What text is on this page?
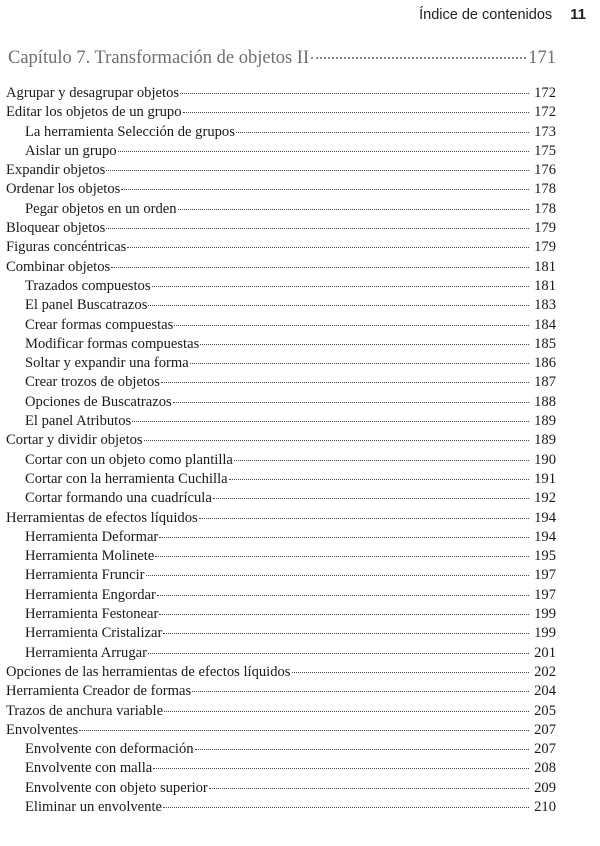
Índice de contenidos 11
Capítulo 7. Transformación de objetos II	171
Agrupar y desagrupar objetos	172
Editar los objetos de un grupo	172
La herramienta Selección de grupos	173
Aislar un grupo	175
Expandir objetos	176
Ordenar los objetos	178
Pegar objetos en un orden	178
Bloquear objetos	179
Figuras concéntricas	179
Combinar objetos	181
Trazados compuestos	181
El panel Buscatrazos	183
Crear formas compuestas	184
Modificar formas compuestas	185
Soltar y expandir una forma	186
Crear trozos de objetos	187
Opciones de Buscatrazos	188
El panel Atributos	189
Cortar y dividir objetos	189
Cortar con un objeto como plantilla	190
Cortar con la herramienta Cuchilla	191
Cortar formando una cuadrícula	192
Herramientas de efectos líquidos	194
Herramienta Deformar	194
Herramienta Molinete	195
Herramienta Fruncir	197
Herramienta Engordar	197
Herramienta Festonear	199
Herramienta Cristalizar	199
Herramienta Arrugar	201
Opciones de las herramientas de efectos líquidos	202
Herramienta Creador de formas	204
Trazos de anchura variable	205
Envolventes	207
Envolvente con deformación	207
Envolvente con malla	208
Envolvente con objeto superior	209
Eliminar un envolvente	210
